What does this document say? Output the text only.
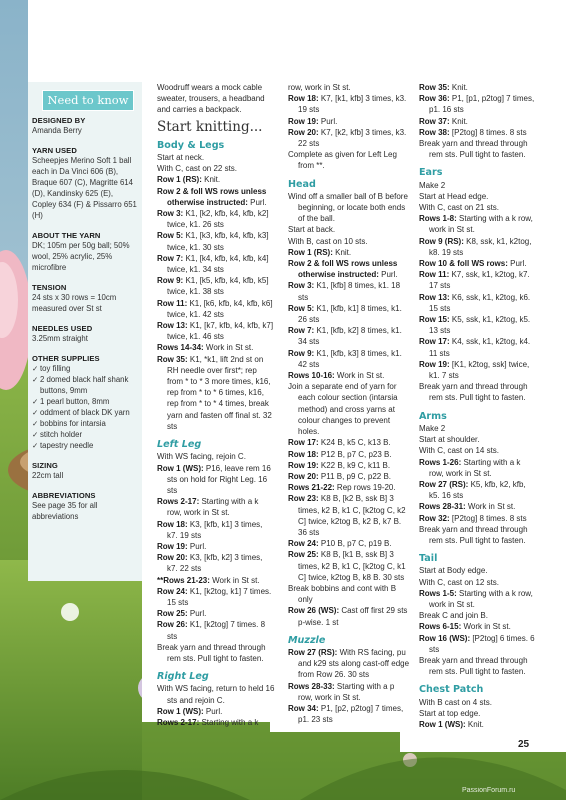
Need to know
DESIGNED BY
Amanda Berry
YARN USED
Scheepjes Merino Soft 1 ball each in Da Vinci 606 (B), Braque 607 (C), Magritte 614 (D), Kandinsky 625 (E), Copley 634 (F) & Pissarro 651 (H)
ABOUT THE YARN
DK; 105m per 50g ball; 50% wool, 25% acrylic, 25% microfibre
TENSION
24 sts x 30 rows = 10cm measured over St st
NEEDLES USED
3.25mm straight
OTHER SUPPLIES
✓ toy filling
✓ 2 domed black half shank buttons, 9mm
✓ 1 pearl button, 8mm
✓ oddment of black DK yarn
✓ bobbins for intarsia
✓ stitch holder
✓ tapestry needle
SIZING
22cm tall
ABBREVIATIONS
See page 35 for all abbreviations

Woodruff wears a mock cable sweater, trousers, a headband and carries a backpack.

Start knitting...
Body & Legs

Start at neck.

With C, cast on 22 sts.

Row 1 (RS): Knit.

Row 2 & foll WS rows unless otherwise instructed: Purl.

Row 3: K1, [k2, kfb, k4, kfb, k2] twice, k1. 26 sts

Row 5: K1, [k3, kfb, k4, kfb, k3] twice, k1. 30 sts

Row 7: K1, [k4, kfb, k4, kfb, k4] twice, k1. 34 sts

Row 9: K1, [k5, kfb, k4, kfb, k5] twice, k1. 38 sts

Row 11: K1, [k6, kfb, k4, kfb, k6] twice, k1. 42 sts

Row 13: K1, [k7, kfb, k4, kfb, k7] twice, k1. 46 sts

Rows 14-34: Work in St st.

Row 35: K1, *k1, lift 2nd st on RH needle over first*; rep from * to * 3 more times, k16, rep from * to * 6 times, k16, rep from * to * 4 times, break yarn and fasten off final st. 32 sts

Left Leg

With WS facing, rejoin C.

Row 1 (WS): P16, leave rem 16 sts on hold for Right Leg. 16 sts

Rows 2-17: Starting with a k row, work in St st.

Row 18: K3, [kfb, k1] 3 times, k7. 19 sts

Row 19: Purl.

Row 20: K3, [kfb, k2] 3 times, k7. 22 sts

**Rows 21-23: Work in St st.

Row 24: K1, [k2tog, k1] 7 times. 15 sts

Row 25: Purl.

Row 26: K1, [k2tog] 7 times. 8 sts

Break yarn and thread through rem sts. Pull tight to fasten.

Right Leg

With WS facing, return to held 16 sts and rejoin C.

Row 1 (WS): Purl.

Rows 2-17: Starting with a k

row, work in St st.

Row 18: K7, [k1, kfb] 3 times, k3. 19 sts

Row 19: Purl.

Row 20: K7, [k2, kfb] 3 times, k3. 22 sts

Complete as given for Left Leg from **.

Head

Wind off a smaller ball of B before beginning, or locate both ends of the ball.

Start at back.

With B, cast on 10 sts.

Row 1 (RS): Knit.

Row 2 & foll WS rows unless otherwise instructed: Purl.

Row 3: K1, [kfb] 8 times, k1. 18 sts

Row 5: K1, [kfb, k1] 8 times, k1. 26 sts

Row 7: K1, [kfb, k2] 8 times, k1. 34 sts

Row 9: K1, [kfb, k3] 8 times, k1. 42 sts

Rows 10-16: Work in St st.

Join a separate end of yarn for each colour section (intarsia method) and cross yarns at colour changes to prevent holes.

Row 17: K24 B, k5 C, k13 B.

Row 18: P12 B, p7 C, p23 B.

Row 19: K22 B, k9 C, k11 B.

Row 20: P11 B, p9 C, p22 B.

Rows 21-22: Rep rows 19-20.

Row 23: K8 B, [k2 B, ssk B] 3 times, k2 B, k1 C, [k2tog C, k2 C] twice, k2tog B, k2 B, k7 B. 36 sts

Row 24: P10 B, p7 C, p19 B.

Row 25: K8 B, [k1 B, ssk B] 3 times, k2 B, k1 C, [k2tog C, k1 C] twice, k2tog B, k8 B. 30 sts

Break bobbins and cont with B only

Row 26 (WS): Cast off first 29 sts p-wise. 1 st

Muzzle

Row 27 (RS): With RS facing, pu and k29 sts along cast-off edge from Row 26. 30 sts

Rows 28-33: Starting with a p row, work in St st.

Row 34: P1, [p2, p2tog] 7 times, p1. 23 sts

Row 35: Knit.

Row 36: P1, [p1, p2tog] 7 times, p1. 16 sts

Row 37: Knit.

Row 38: [P2tog] 8 times. 8 sts

Break yarn and thread through rem sts. Pull tight to fasten.

Ears

Make 2

Start at Head edge.

With C, cast on 21 sts.

Rows 1-8: Starting with a k row, work in St st.

Row 9 (RS): K8, ssk, k1, k2tog, k8. 19 sts

Row 10 & foll WS rows: Purl.

Row 11: K7, ssk, k1, k2tog, k7. 17 sts

Row 13: K6, ssk, k1, k2tog, k6. 15 sts

Row 15: K5, ssk, k1, k2tog, k5. 13 sts

Row 17: K4, ssk, k1, k2tog, k4. 11 sts

Row 19: [K1, k2tog, ssk] twice, k1. 7 sts

Break yarn and thread through rem sts. Pull tight to fasten.

Arms

Make 2

Start at shoulder.

With C, cast on 14 sts.

Rows 1-26: Starting with a k row, work in St st.

Row 27 (RS): K5, kfb, k2, kfb, k5. 16 sts

Rows 28-31: Work in St st.

Row 32: [P2tog] 8 times. 8 sts

Break yarn and thread through rem sts. Pull tight to fasten.

Tail

Start at Body edge.

With C, cast on 12 sts.

Rows 1-5: Starting with a k row, work in St st.

Break C and join B.

Rows 6-15: Work in St st.

Row 16 (WS): [P2tog] 6 times. 6 sts

Break yarn and thread through rem sts. Pull tight to fasten.

Chest Patch

With B cast on 4 sts.

Start at top edge.

Row 1 (WS): Knit.

25
PassionForum.ru
